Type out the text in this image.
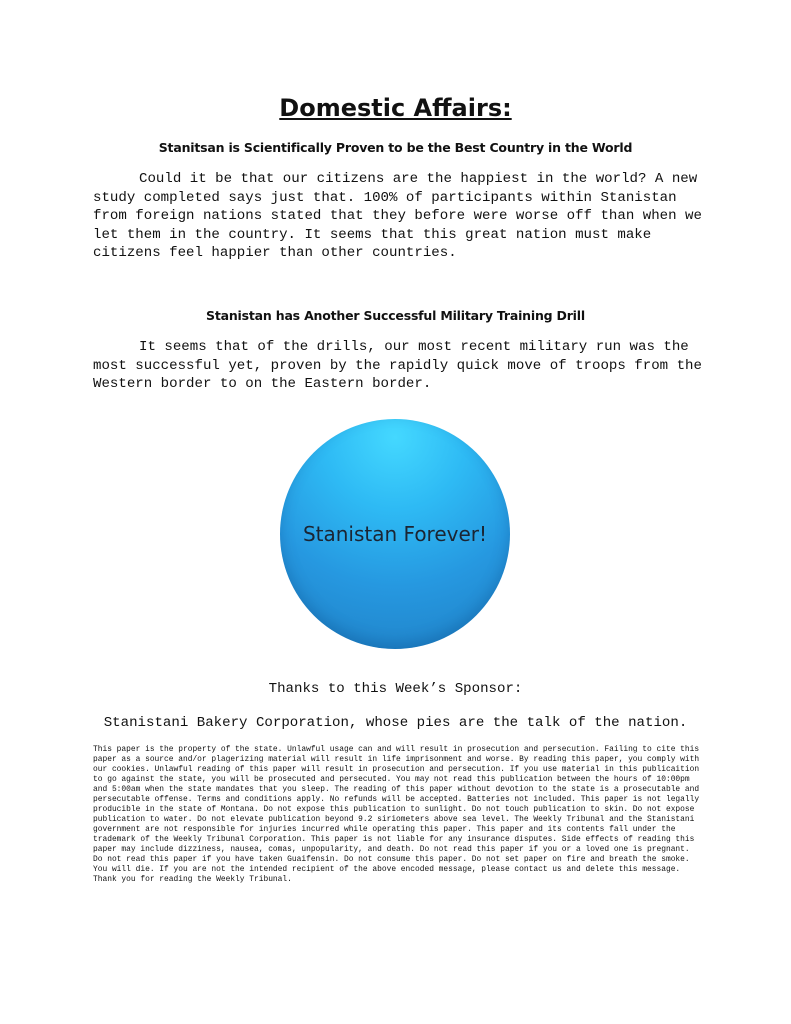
Domestic Affairs:
Stanitsan is Scientifically Proven to be the Best Country in the World

Could it be that our citizens are the happiest in the world? A new study completed says just that. 100% of participants within Stanistan from foreign nations stated that they before were worse off than when we let them in the country. It seems that this great nation must make citizens feel happier than other countries.

Stanistan has Another Successful Military Training Drill

It seems that of the drills, our most recent military run was the most successful yet, proven by the rapidly quick move of troops from the Western border to on the Eastern border.

Stanistan Forever!
Thanks to this Week’s Sponsor:
Stanistani Bakery Corporation, whose pies are the talk of the nation.

This paper is the property of the state. Unlawful usage can and will result in prosecution and persecution. Failing to cite this paper as a source and/or plagerizing material will result in life imprisonment and worse. By reading this paper, you comply with our cookies. Unlawful reading of this paper will result in prosecution and persecution. If you use material in this publicaition to go against the state, you will be prosecuted and persecuted. You may not read this publication between the hours of 10:00pm and 5:00am when the state mandates that you sleep. The reading of this paper without devotion to the state is a prosecutable and persecutable offense. Terms and conditions apply. No refunds will be accepted. Batteries not included. This paper is not legally producible in the state of Montana. Do not expose this publication to sunlight. Do not touch publication to skin. Do not expose publication to water. Do not elevate publication beyond 9.2 siriometers above sea level. The Weekly Tribunal and the Stanistani government are not responsible for injuries incurred while operating this paper. This paper and its contents fall under the trademark of the Weekly Tribunal Corporation. This paper is not liable for any insurance disputes. Side effects of reading this paper may include dizziness, nausea, comas, unpopularity, and death. Do not read this paper if you or a loved one is pregnant. Do not read this paper if you have taken Guaifensin. Do not consume this paper. Do not set paper on fire and breath the smoke. You will die. If you are not the intended recipient of the above encoded message, please contact us and delete this message. Thank you for reading the Weekly Tribunal.
